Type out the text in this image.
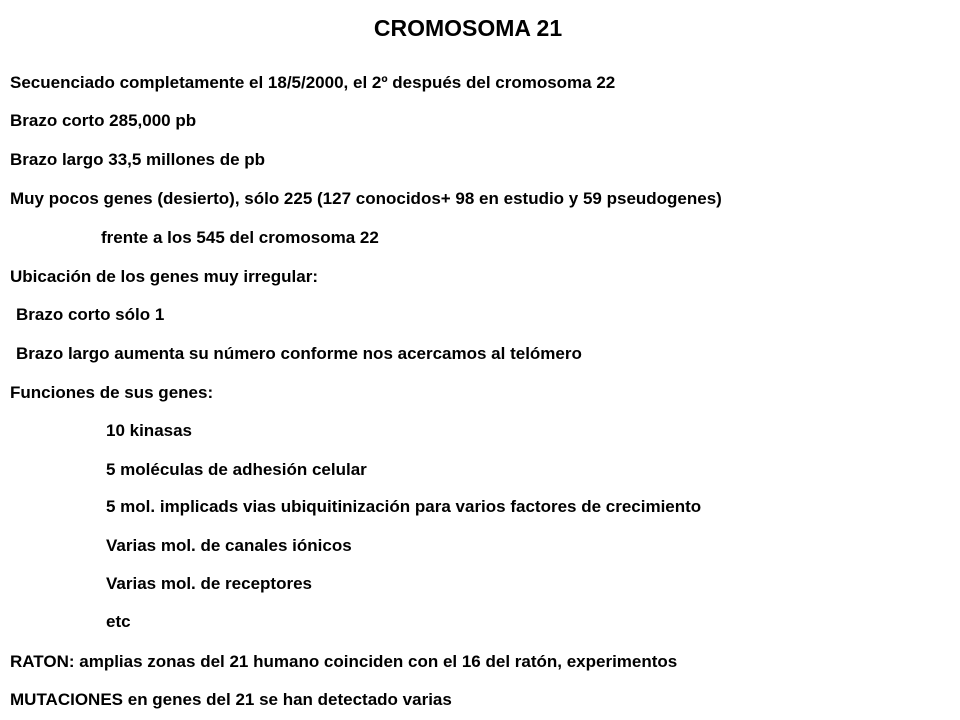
CROMOSOMA 21
Secuenciado completamente el 18/5/2000, el 2º después del cromosoma 22
Brazo corto 285,000 pb
Brazo largo 33,5 millones de pb
Muy pocos genes (desierto), sólo 225 (127 conocidos+ 98 en estudio y 59 pseudogenes)
frente a los 545 del cromosoma 22
Ubicación de los genes muy irregular:
Brazo corto sólo 1
Brazo largo aumenta su número conforme nos acercamos al telómero
Funciones de sus genes:
10 kinasas
5 moléculas de adhesión celular
5 mol. implicads vias ubiquitinización para varios factores de crecimiento
Varias mol. de canales iónicos
Varias mol. de receptores
etc
RATON: amplias zonas del 21 humano coinciden con el 16 del ratón, experimentos
MUTACIONES en genes del 21 se han detectado varias
